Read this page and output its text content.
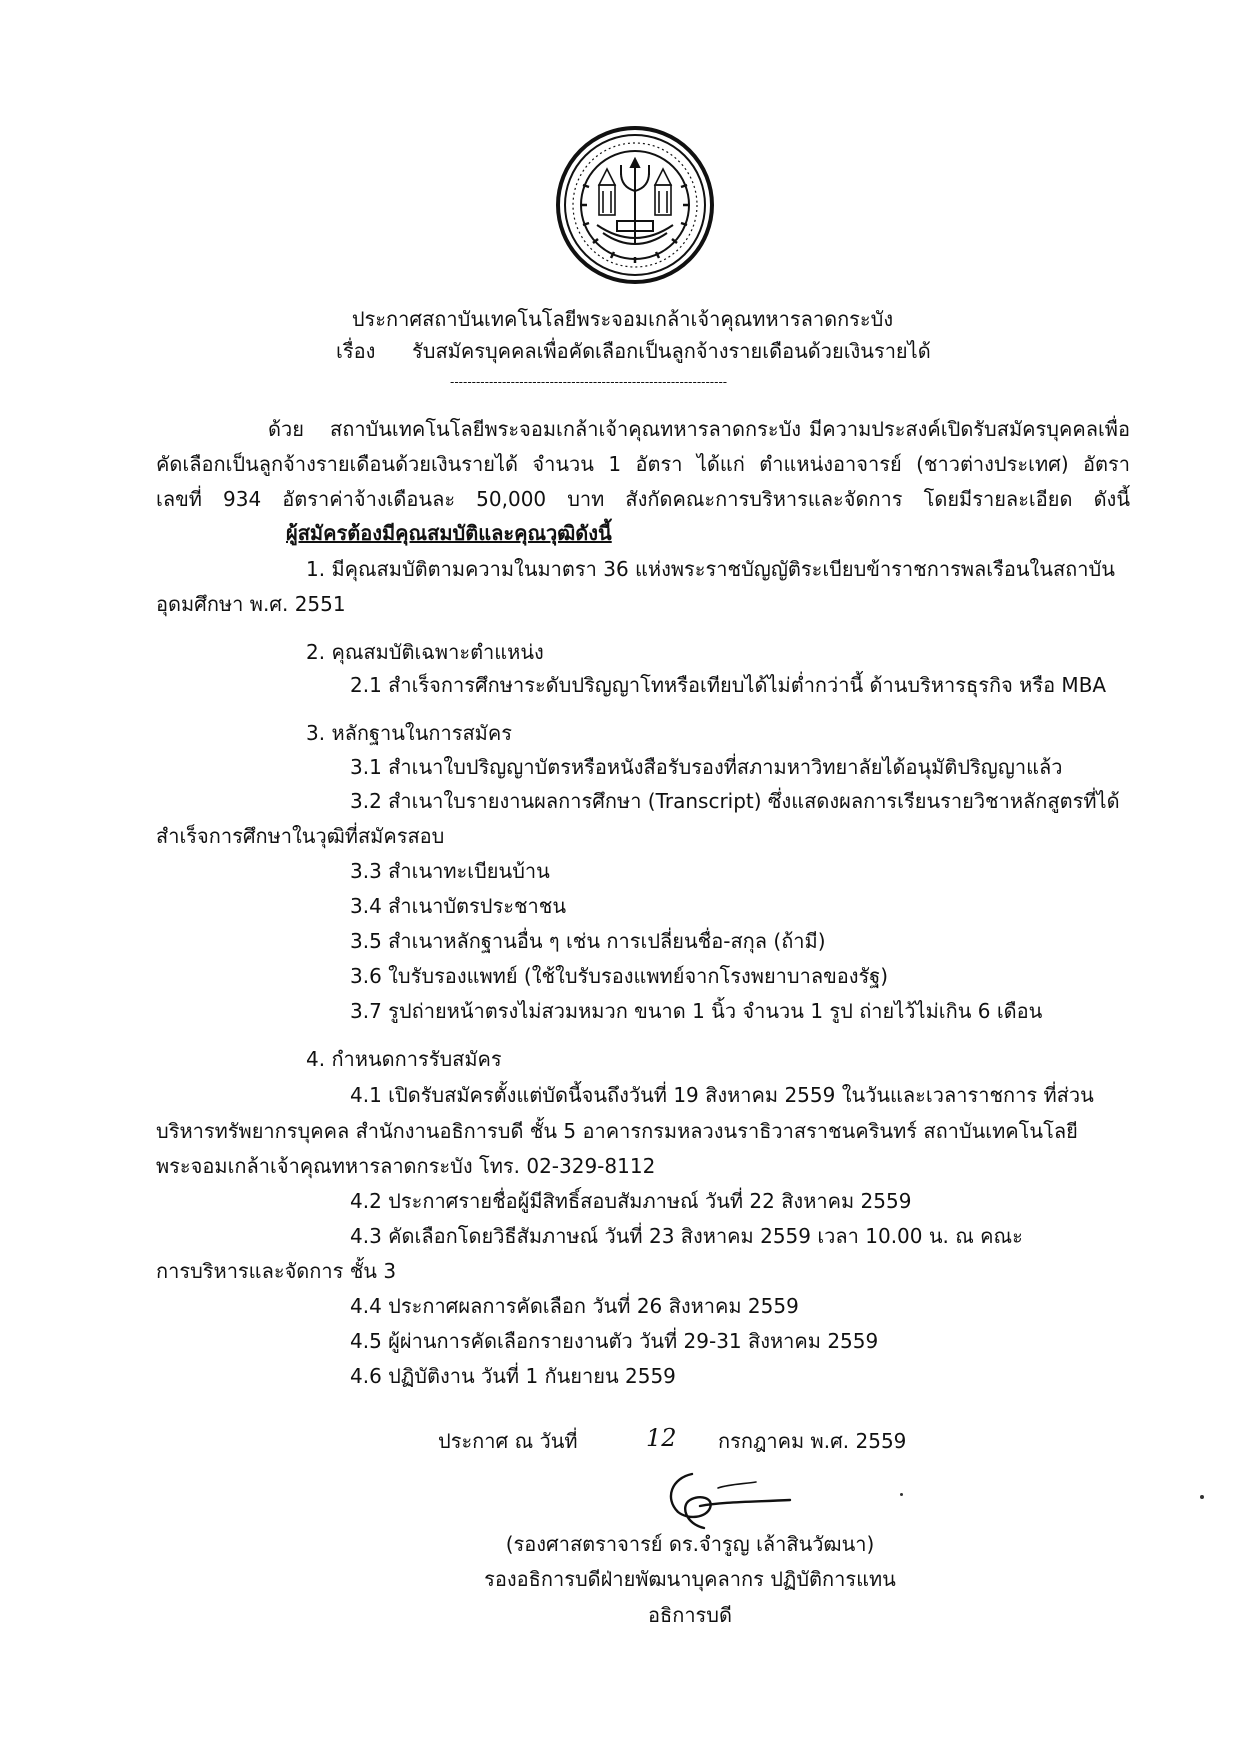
ประกาศสถาบันเทคโนโลยีพระจอมเกล้าเจ้าคุณทหารลาดกระบัง
เรื่อง รับสมัครบุคคลเพื่อคัดเลือกเป็นลูกจ้างรายเดือนด้วยเงินรายได้
----------------------------------------------------------------
ด้วย สถาบันเทคโนโลยีพระจอมเกล้าเจ้าคุณทหารลาดกระบัง มีความประสงค์เปิดรับสมัครบุคคลเพื่อ
คัดเลือกเป็นลูกจ้างรายเดือนด้วยเงินรายได้ จำนวน 1 อัตรา ได้แก่ ตำแหน่งอาจารย์ (ชาวต่างประเทศ) อัตรา
เลขที่ 934 อัตราค่าจ้างเดือนละ 50,000 บาท สังกัดคณะการบริหารและจัดการ โดยมีรายละเอียด ดังนี้
ผู้สมัครต้องมีคุณสมบัติและคุณวุฒิดังนี้
1. มีคุณสมบัติตามความในมาตรา 36 แห่งพระราชบัญญัติระเบียบข้าราชการพลเรือนในสถาบัน
อุดมศึกษา พ.ศ. 2551
2. คุณสมบัติเฉพาะตำแหน่ง
2.1 สำเร็จการศึกษาระดับปริญญาโทหรือเทียบได้ไม่ต่ำกว่านี้ ด้านบริหารธุรกิจ หรือ MBA
3. หลักฐานในการสมัคร
3.1 สำเนาใบปริญญาบัตรหรือหนังสือรับรองที่สภามหาวิทยาลัยได้อนุมัติปริญญาแล้ว
3.2 สำเนาใบรายงานผลการศึกษา (Transcript) ซึ่งแสดงผลการเรียนรายวิชาหลักสูตรที่ได้
สำเร็จการศึกษาในวุฒิที่สมัครสอบ
3.3 สำเนาทะเบียนบ้าน
3.4 สำเนาบัตรประชาชน
3.5 สำเนาหลักฐานอื่น ๆ เช่น การเปลี่ยนชื่อ-สกุล (ถ้ามี)
3.6 ใบรับรองแพทย์ (ใช้ใบรับรองแพทย์จากโรงพยาบาลของรัฐ)
3.7 รูปถ่ายหน้าตรงไม่สวมหมวก ขนาด 1 นิ้ว จำนวน 1 รูป ถ่ายไว้ไม่เกิน 6 เดือน
4. กำหนดการรับสมัคร
4.1 เปิดรับสมัครตั้งแต่บัดนี้จนถึงวันที่ 19 สิงหาคม 2559 ในวันและเวลาราชการ ที่ส่วน
บริหารทรัพยากรบุคคล สำนักงานอธิการบดี ชั้น 5 อาคารกรมหลวงนราธิวาสราชนครินทร์ สถาบันเทคโนโลยี
พระจอมเกล้าเจ้าคุณทหารลาดกระบัง โทร. 02-329-8112
4.2 ประกาศรายชื่อผู้มีสิทธิ์สอบสัมภาษณ์ วันที่ 22 สิงหาคม 2559
4.3 คัดเลือกโดยวิธีสัมภาษณ์ วันที่ 23 สิงหาคม 2559 เวลา 10.00 น. ณ คณะ
การบริหารและจัดการ ชั้น 3
4.4 ประกาศผลการคัดเลือก วันที่ 26 สิงหาคม 2559
4.5 ผู้ผ่านการคัดเลือกรายงานตัว วันที่ 29-31 สิงหาคม 2559
4.6 ปฏิบัติงาน วันที่ 1 กันยายน 2559
ประกาศ ณ วันที่	12 กรกฎาคม พ.ศ. 2559
(รองศาสตราจารย์ ดร.จำรูญ เล้าสินวัฒนา)
รองอธิการบดีฝ่ายพัฒนาบุคลากร ปฏิบัติการแทน
อธิการบดี
